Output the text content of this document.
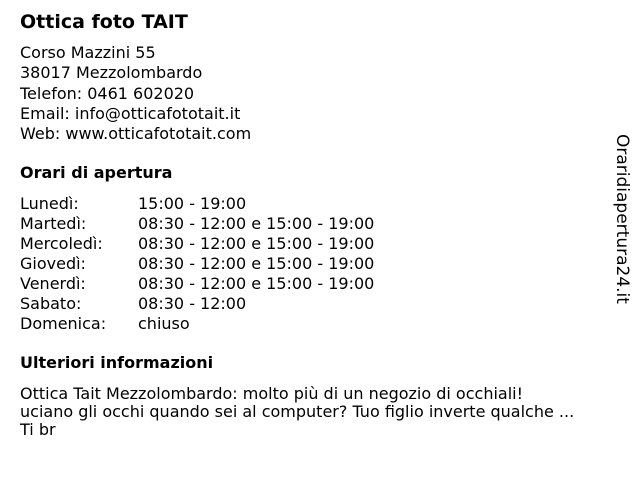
Ottica foto TAIT
Corso Mazzini 55
38017 Mezzolombardo
Telefon: 0461 602020
Email: info@otticafototait.it
Web: www.otticafototait.com
Orari di apertura
Lunedì:	15:00 - 19:00
Martedì:	08:30 - 12:00 e 15:00 - 19:00
Mercoledì:	08:30 - 12:00 e 15:00 - 19:00
Giovedì:	08:30 - 12:00 e 15:00 - 19:00
Venerdì:	08:30 - 12:00 e 15:00 - 19:00
Sabato:	08:30 - 12:00
Domenica:	chiuso
Ulteriori informazioni
Ottica Tait Mezzolombardo: molto più di un negozio di occhiali!
uciano gli occhi quando sei al computer? Tuo figlio inverte qualche ...
Ti br
Oraridiapertura24.it
